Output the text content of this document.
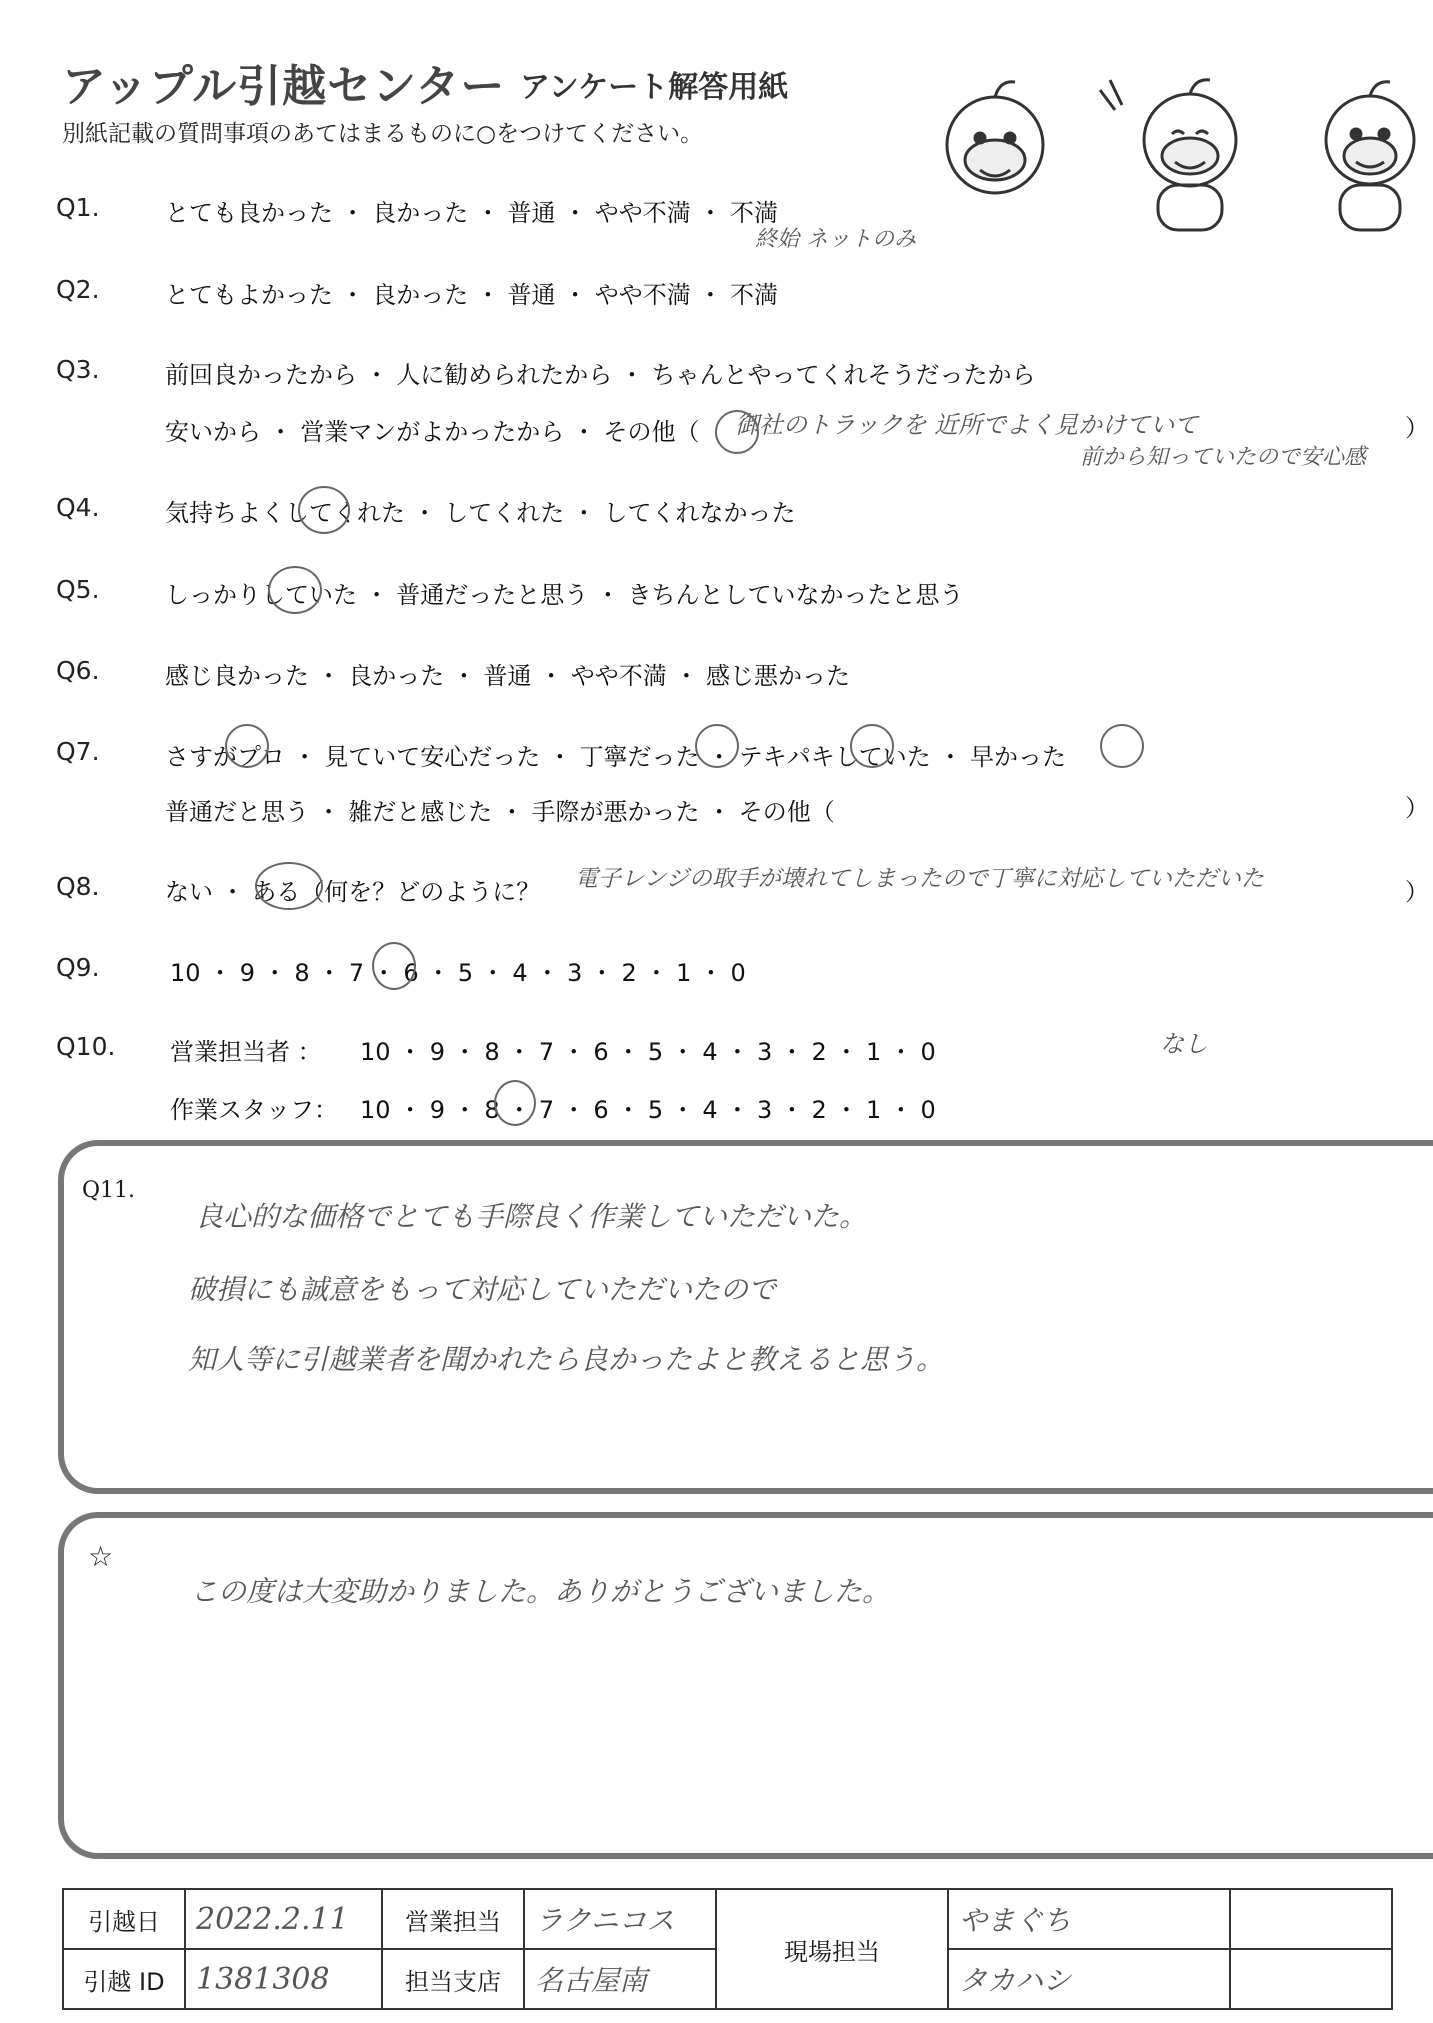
アップル引越センター アンケート解答用紙
別紙記載の質問事項のあてはまるものに○をつけてください。
Q1.	とても良かった ・ 良かった ・ 普通 ・ やや不満 ・ 不満
終始 ネットのみ
Q2.	とてもよかった ・ 良かった ・ 普通 ・ やや不満 ・ 不満
Q3.	前回良かったから ・ 人に勧められたから ・ ちゃんとやってくれそうだったから
安いから ・ 営業マンがよかったから ・ その他（ 御社のトラックを 近所でよく見かけていて
前から知っていたので安心感
）
Q4.	気持ちよくしてくれた ・ してくれた ・ してくれなかった
Q5.	しっかりしていた ・ 普通だったと思う ・ きちんとしていなかったと思う
Q6.	感じ良かった ・ 良かった ・ 普通 ・ やや不満 ・ 感じ悪かった
Q7.	さすがプロ ・ 見ていて安心だった ・ 丁寧だった ・ テキパキしていた ・ 早かった
普通だと思う ・ 雑だと感じた ・ 手際が悪かった ・ その他（	）
Q8.	ない ・ ある（何を？どのように？ 電子レンジの取手が壊れてしまったので丁寧に対応していただいた	）
Q9.	10 ・ 9 ・ 8 ・ 7 ・ 6 ・ 5 ・ 4 ・ 3 ・ 2 ・ 1 ・ 0
Q10. 営業担当者 ： 10 ・ 9 ・ 8 ・ 7 ・ 6 ・ 5 ・ 4 ・ 3 ・ 2 ・ 1 ・ 0	なし
作業スタッフ： 10 ・ 9 ・ 8 ・ 7 ・ 6 ・ 5 ・ 4 ・ 3 ・ 2 ・ 1 ・ 0
Q11.
良心的な価格でとても手際良く作業していただいた。
破損にも誠意をもって対応していただいたので
知人等に引越業者を聞かれたら良かったよと教えると思う。
☆
この度は大変助かりました。ありがとうございました。
引越日	2022.2.11	営業担当	ラクニコス	現場担当	やまぐち	
引越 ID	1381308	担当支店	名古屋南		タカハシ	
